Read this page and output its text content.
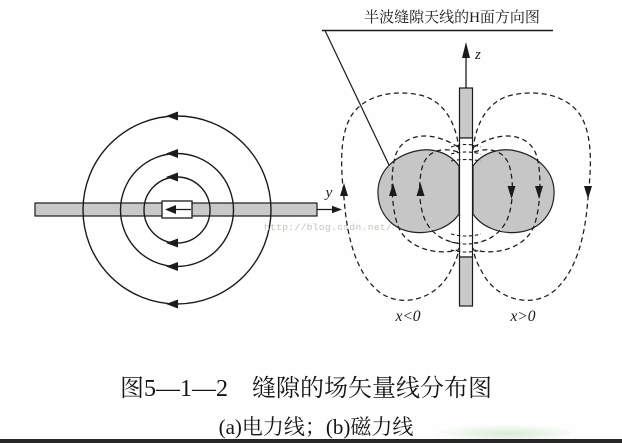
y
http://blog.csdn.net/
z
x<0	x>0
半波缝隙天线的H面方向图
图5—1—2　缝隙的场矢量线分布图
(a)电力线；(b)磁力线
